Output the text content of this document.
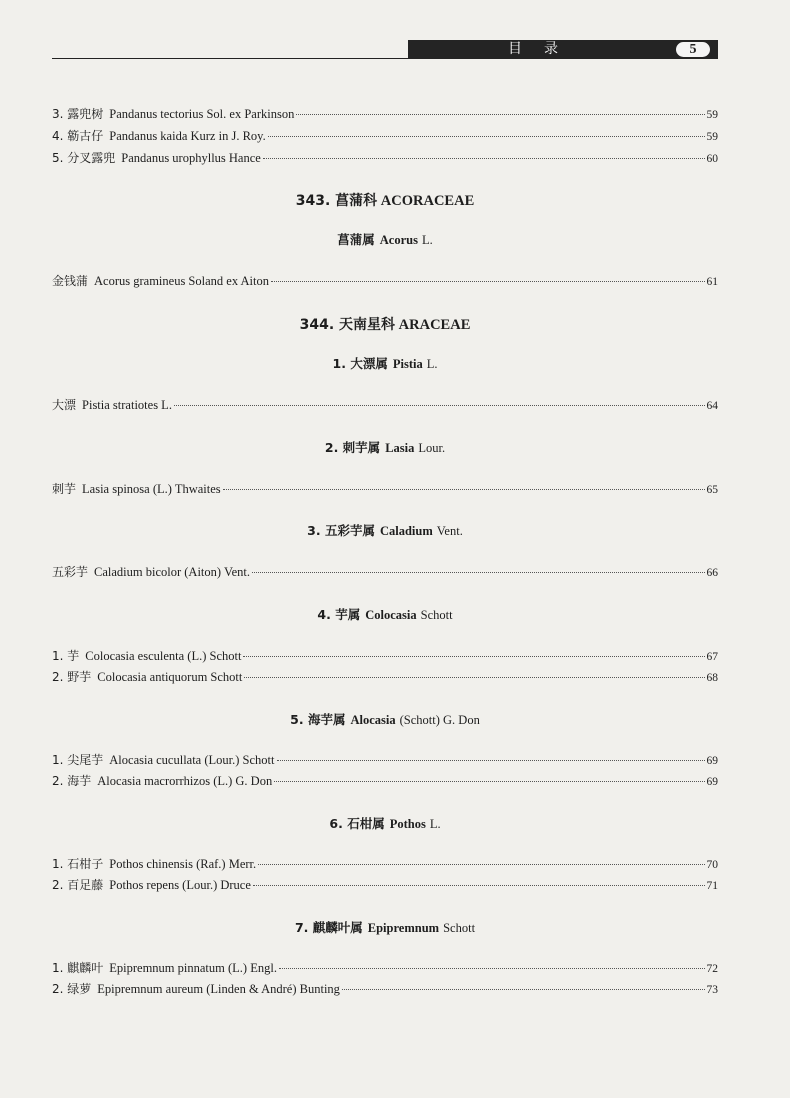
目录	5
3. 露兜树 Pandanus tectorius Sol. ex Parkinson	59
4. 簕古仔 Pandanus kaida Kurz in J. Roy.	59
5. 分叉露兜 Pandanus urophyllus Hance	60
343. 菖蒲科 ACORACEAE
菖蒲属 Acorus L.
金钱蒲 Acorus gramineus Soland ex Aiton	61
344. 天南星科 ARACEAE
1. 大漂属 Pistia L.
大漂 Pistia stratiotes L.	64
2. 刺芋属 Lasia Lour.
刺芋 Lasia spinosa (L.) Thwaites	65
3. 五彩芋属 Caladium Vent.
五彩芋 Caladium bicolor (Aiton) Vent.	66
4. 芋属 Colocasia Schott
1. 芋 Colocasia esculenta (L.) Schott	67
2. 野芋 Colocasia antiquorum Schott	68
5. 海芋属 Alocasia (Schott) G. Don
1. 尖尾芋 Alocasia cucullata (Lour.) Schott	69
2. 海芋 Alocasia macrorrhizos (L.) G. Don	69
6. 石柑属 Pothos L.
1. 石柑子 Pothos chinensis (Raf.) Merr.	70
2. 百足藤 Pothos repens (Lour.) Druce	71
7. 麒麟叶属 Epipremnum Schott
1. 麒麟叶 Epipremnum pinnatum (L.) Engl.	72
2. 绿萝 Epipremnum aureum (Linden & André) Bunting	73
